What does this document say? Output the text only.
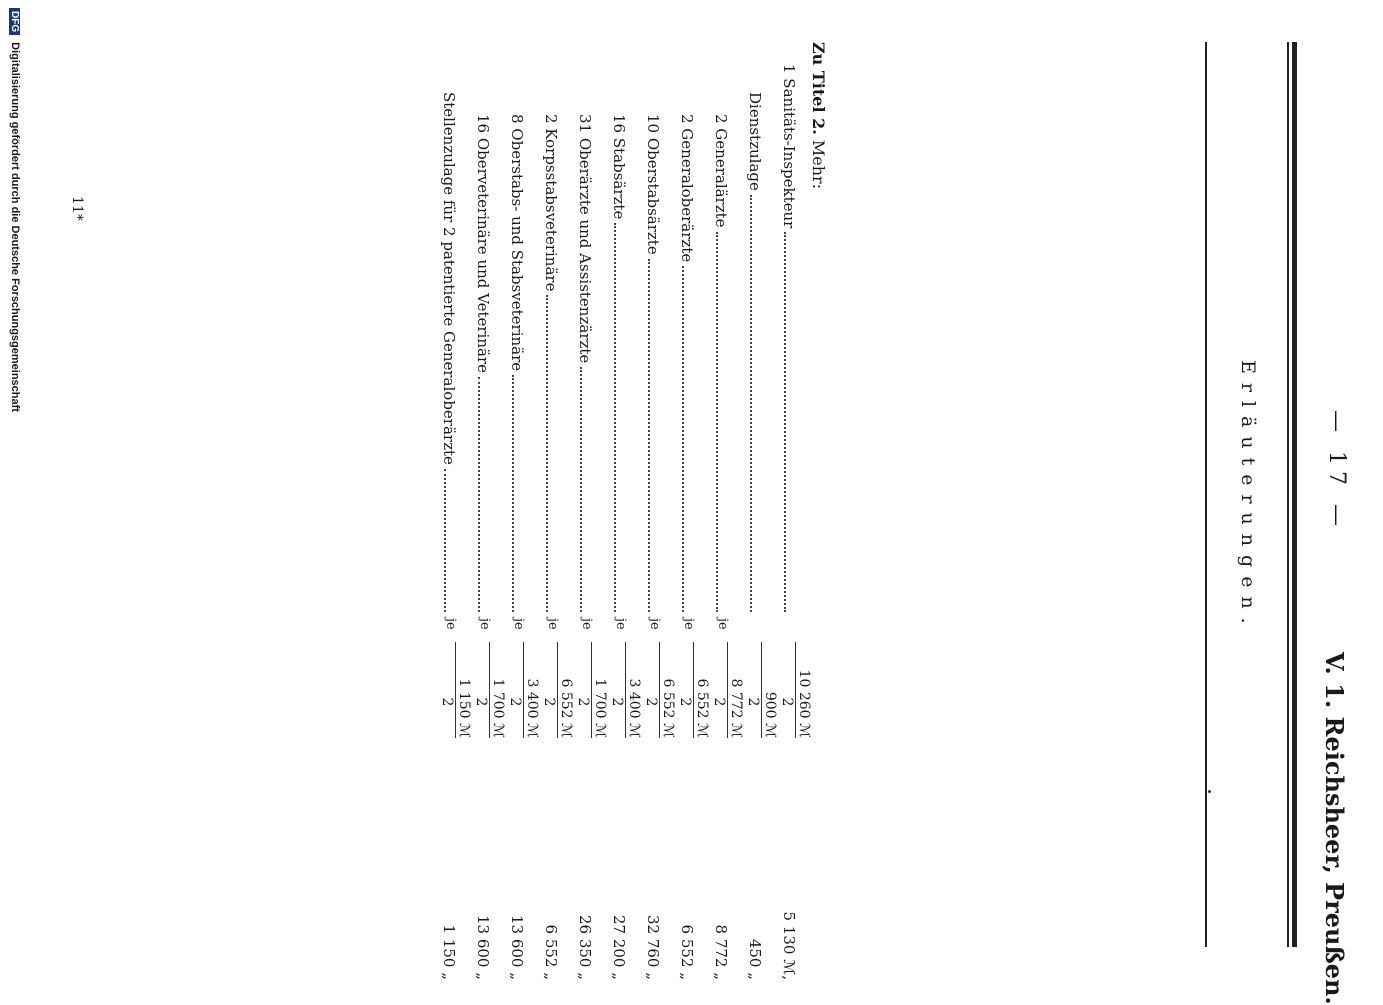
— 17 —
V. 1. Reichsheer, Preußen.
Erläuterungen.
Zu Titel 2. Mehr:
1 Sanitäts-Inspekteur
10 260 ℳ
2
5 130 ℳ,
Dienstzulage
900 ℳ
2
450 „
2 Generalärzte
je
8 772 ℳ
2
8 772 „
2 Generaloberärzte
je
6 552 ℳ
2
6 552 „
10 Oberstabsärzte
je
6 552 ℳ
2
32 760 „
16 Stabsärzte
je
3 400 ℳ
2
27 200 „
31 Oberärzte und Assistenzärzte
je
1 700 ℳ
2
26 350 „
2 Korpsstabsveterinäre
je
6 552 ℳ
2
6 552 „
8 Oberstabs- und Stabsveterinäre
je
3 400 ℳ
2
13 600 „
16 Oberveterinäre und Veterinäre
je
1 700 ℳ
2
13 600 „
Stellenzulage für 2 patentierte Generaloberärzte
je
1 150 ℳ
2
1 150 „
11*
DFG Digitalisierung gefördert durch die Deutsche Forschungsgemeinschaft
